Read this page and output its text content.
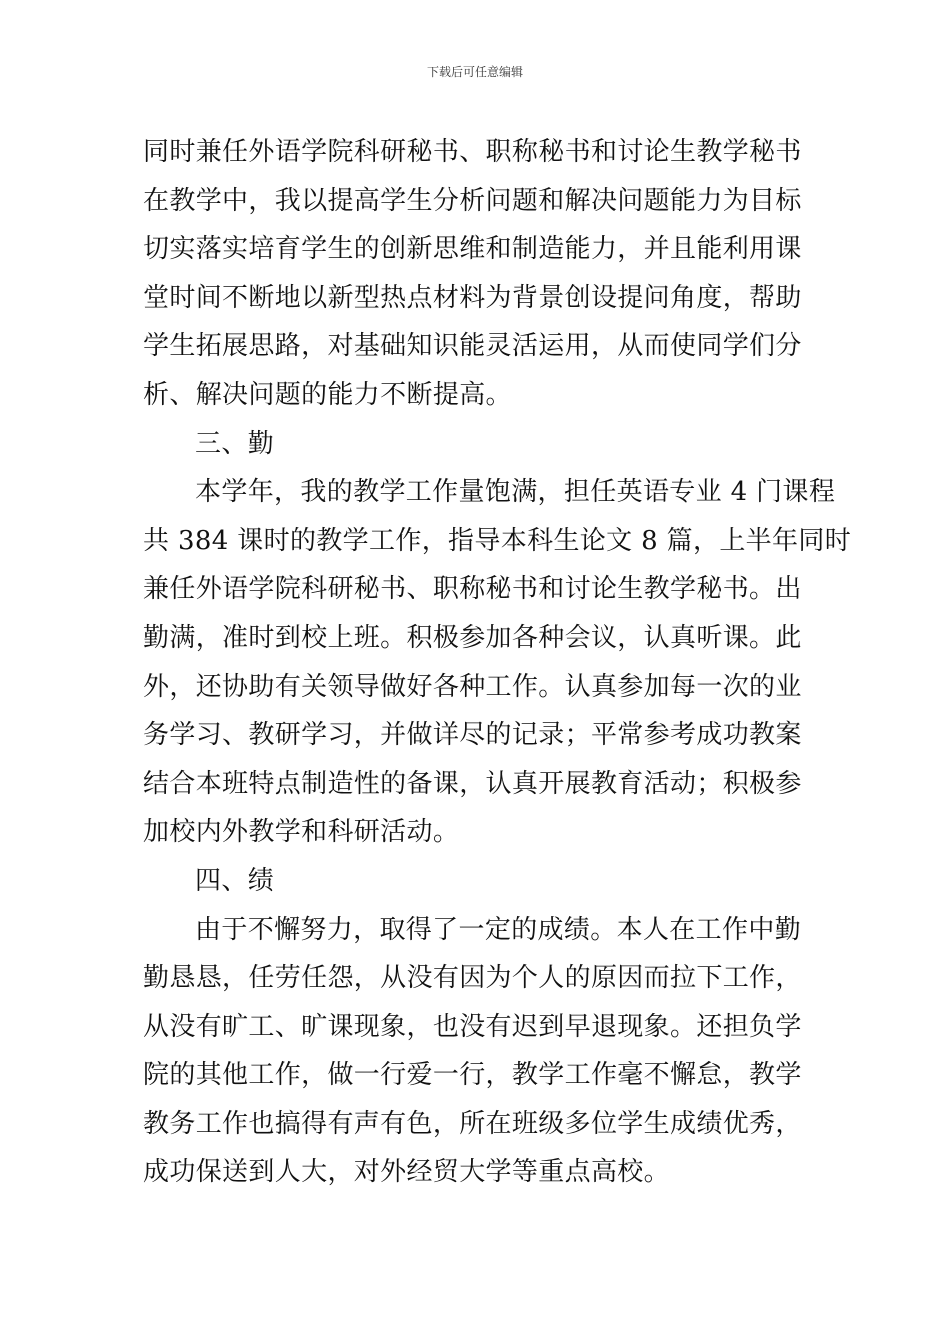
下载后可任意编辑
同时兼任外语学院科研秘书、职称秘书和讨论生教学秘书
在教学中，我以提高学生分析问题和解决问题能力为目标
切实落实培育学生的创新思维和制造能力，并且能利用课
堂时间不断地以新型热点材料为背景创设提问角度，帮助
学生拓展思路，对基础知识能灵活运用，从而使同学们分
析、解决问题的能力不断提高。
三、勤
本学年，我的教学工作量饱满，担任英语专业 4 门课程
共 384 课时的教学工作，指导本科生论文 8 篇，上半年同时
兼任外语学院科研秘书、职称秘书和讨论生教学秘书。出
勤满，准时到校上班。积极参加各种会议，认真听课。此
外，还协助有关领导做好各种工作。认真参加每一次的业
务学习、教研学习，并做详尽的记录；平常参考成功教案
结合本班特点制造性的备课，认真开展教育活动；积极参
加校内外教学和科研活动。
四、绩
由于不懈努力，取得了一定的成绩。本人在工作中勤
勤恳恳，任劳任怨，从没有因为个人的原因而拉下工作，
从没有旷工、旷课现象，也没有迟到早退现象。还担负学
院的其他工作，做一行爱一行，教学工作毫不懈怠，教学
教务工作也搞得有声有色，所在班级多位学生成绩优秀，
成功保送到人大，对外经贸大学等重点高校。
